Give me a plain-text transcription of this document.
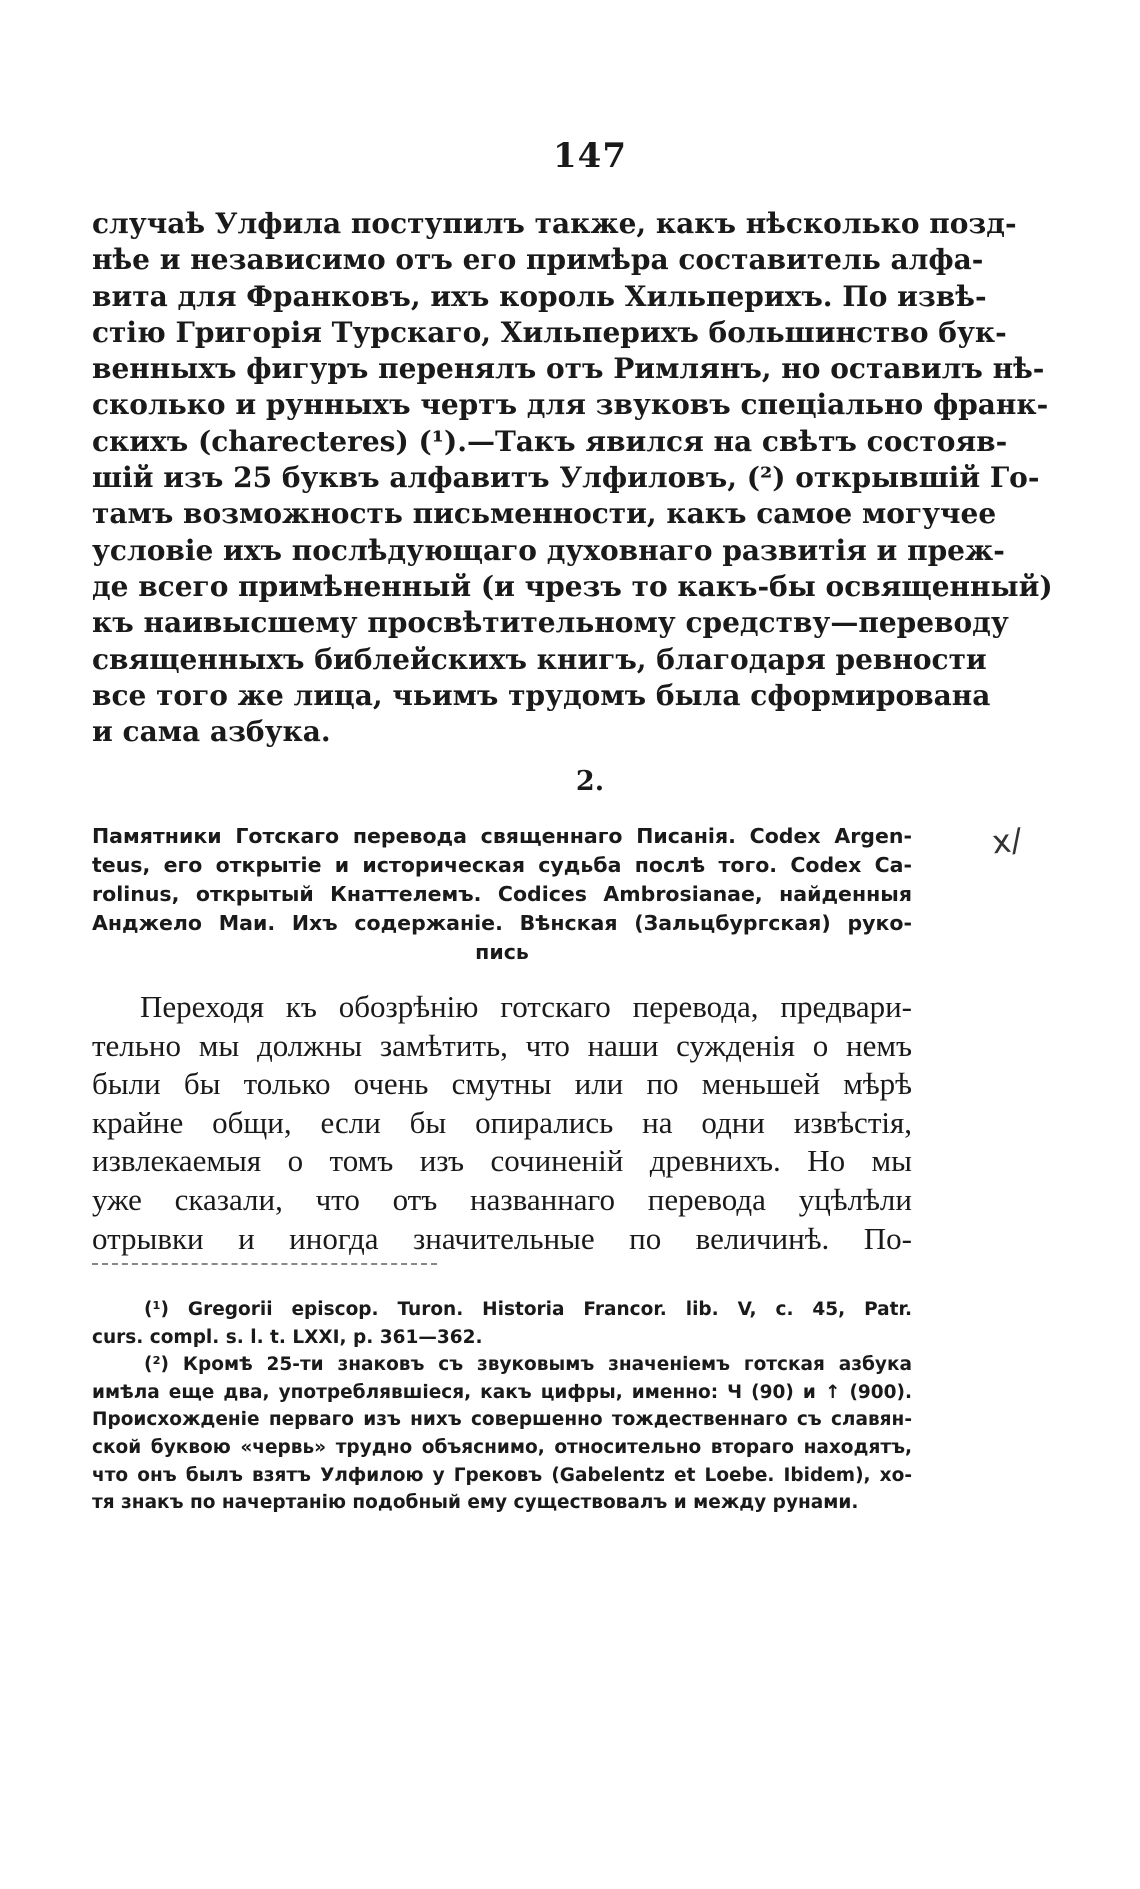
147
случаѣ Улфила поступилъ также, какъ нѣсколько позд-
нѣе и независимо отъ его примѣра составитель алфа-
вита для Франковъ, ихъ король Хильперихъ. По извѣ-
стію Григорія Турскаго, Хильперихъ большинство бук-
венныхъ фигуръ перенялъ отъ Римлянъ, но оставилъ нѣ-
сколько и рунныхъ чертъ для звуковъ спеціально франк-
скихъ (charecteres) (¹).—Такъ явился на свѣтъ состояв-
шій изъ 25 буквъ алфавитъ Улфиловъ, (²) открывшій Го-
тамъ возможность письменности, какъ самое могучее
условіе ихъ послѣдующаго духовнаго развитія и преж-
де всего примѣненный (и чрезъ то какъ-бы освященный)
къ наивысшему просвѣтительному средству—переводу
священныхъ библейскихъ книгъ, благодаря ревности
все того же лица, чьимъ трудомъ была сформирована
и сама азбука.
2.
Памятники Готскаго перевода священнаго Писанія. Codex Argen-
teus, его открытіе и историческая судьба послѣ того. Codex Ca-
rolinus, открытый Кнаттелемъ. Codices Ambrosianae, найденныя
Анджело Маи. Ихъ содержаніе. Вѣнская (Зальцбургская) руко-
пись
x/
Переходя къ обозрѣнію готскаго перевода, предвари-
тельно мы должны замѣтить, что наши сужденія о немъ
были бы только очень смутны или по меньшей мѣрѣ
крайне общи, если бы опирались на одни извѣстія,
извлекаемыя о томъ изъ сочиненій древнихъ. Но мы
уже сказали, что отъ названнаго перевода уцѣлѣли
отрывки и иногда значительные по величинѣ. По-
(¹) Gregorii episcop. Turon. Historia Francor. lib. V, c. 45, Patr.
curs. compl. s. l. t. LXXI, p. 361—362.
(²) Кромѣ 25-ти знаковъ съ звуковымъ значеніемъ готская азбука
имѣла еще два, употреблявшіеся, какъ цифры, именно: Ч (90) и ↑ (900).
Происхожденіе перваго изъ нихъ совершенно тождественнаго съ славян-
ской буквою «червь» трудно объяснимо, относительно втораго находятъ,
что онъ былъ взятъ Улфилою у Грековъ (Gabelentz et Loebe. Ibidem), хо-
тя знакъ по начертанію подобный ему существовалъ и между рунами.
